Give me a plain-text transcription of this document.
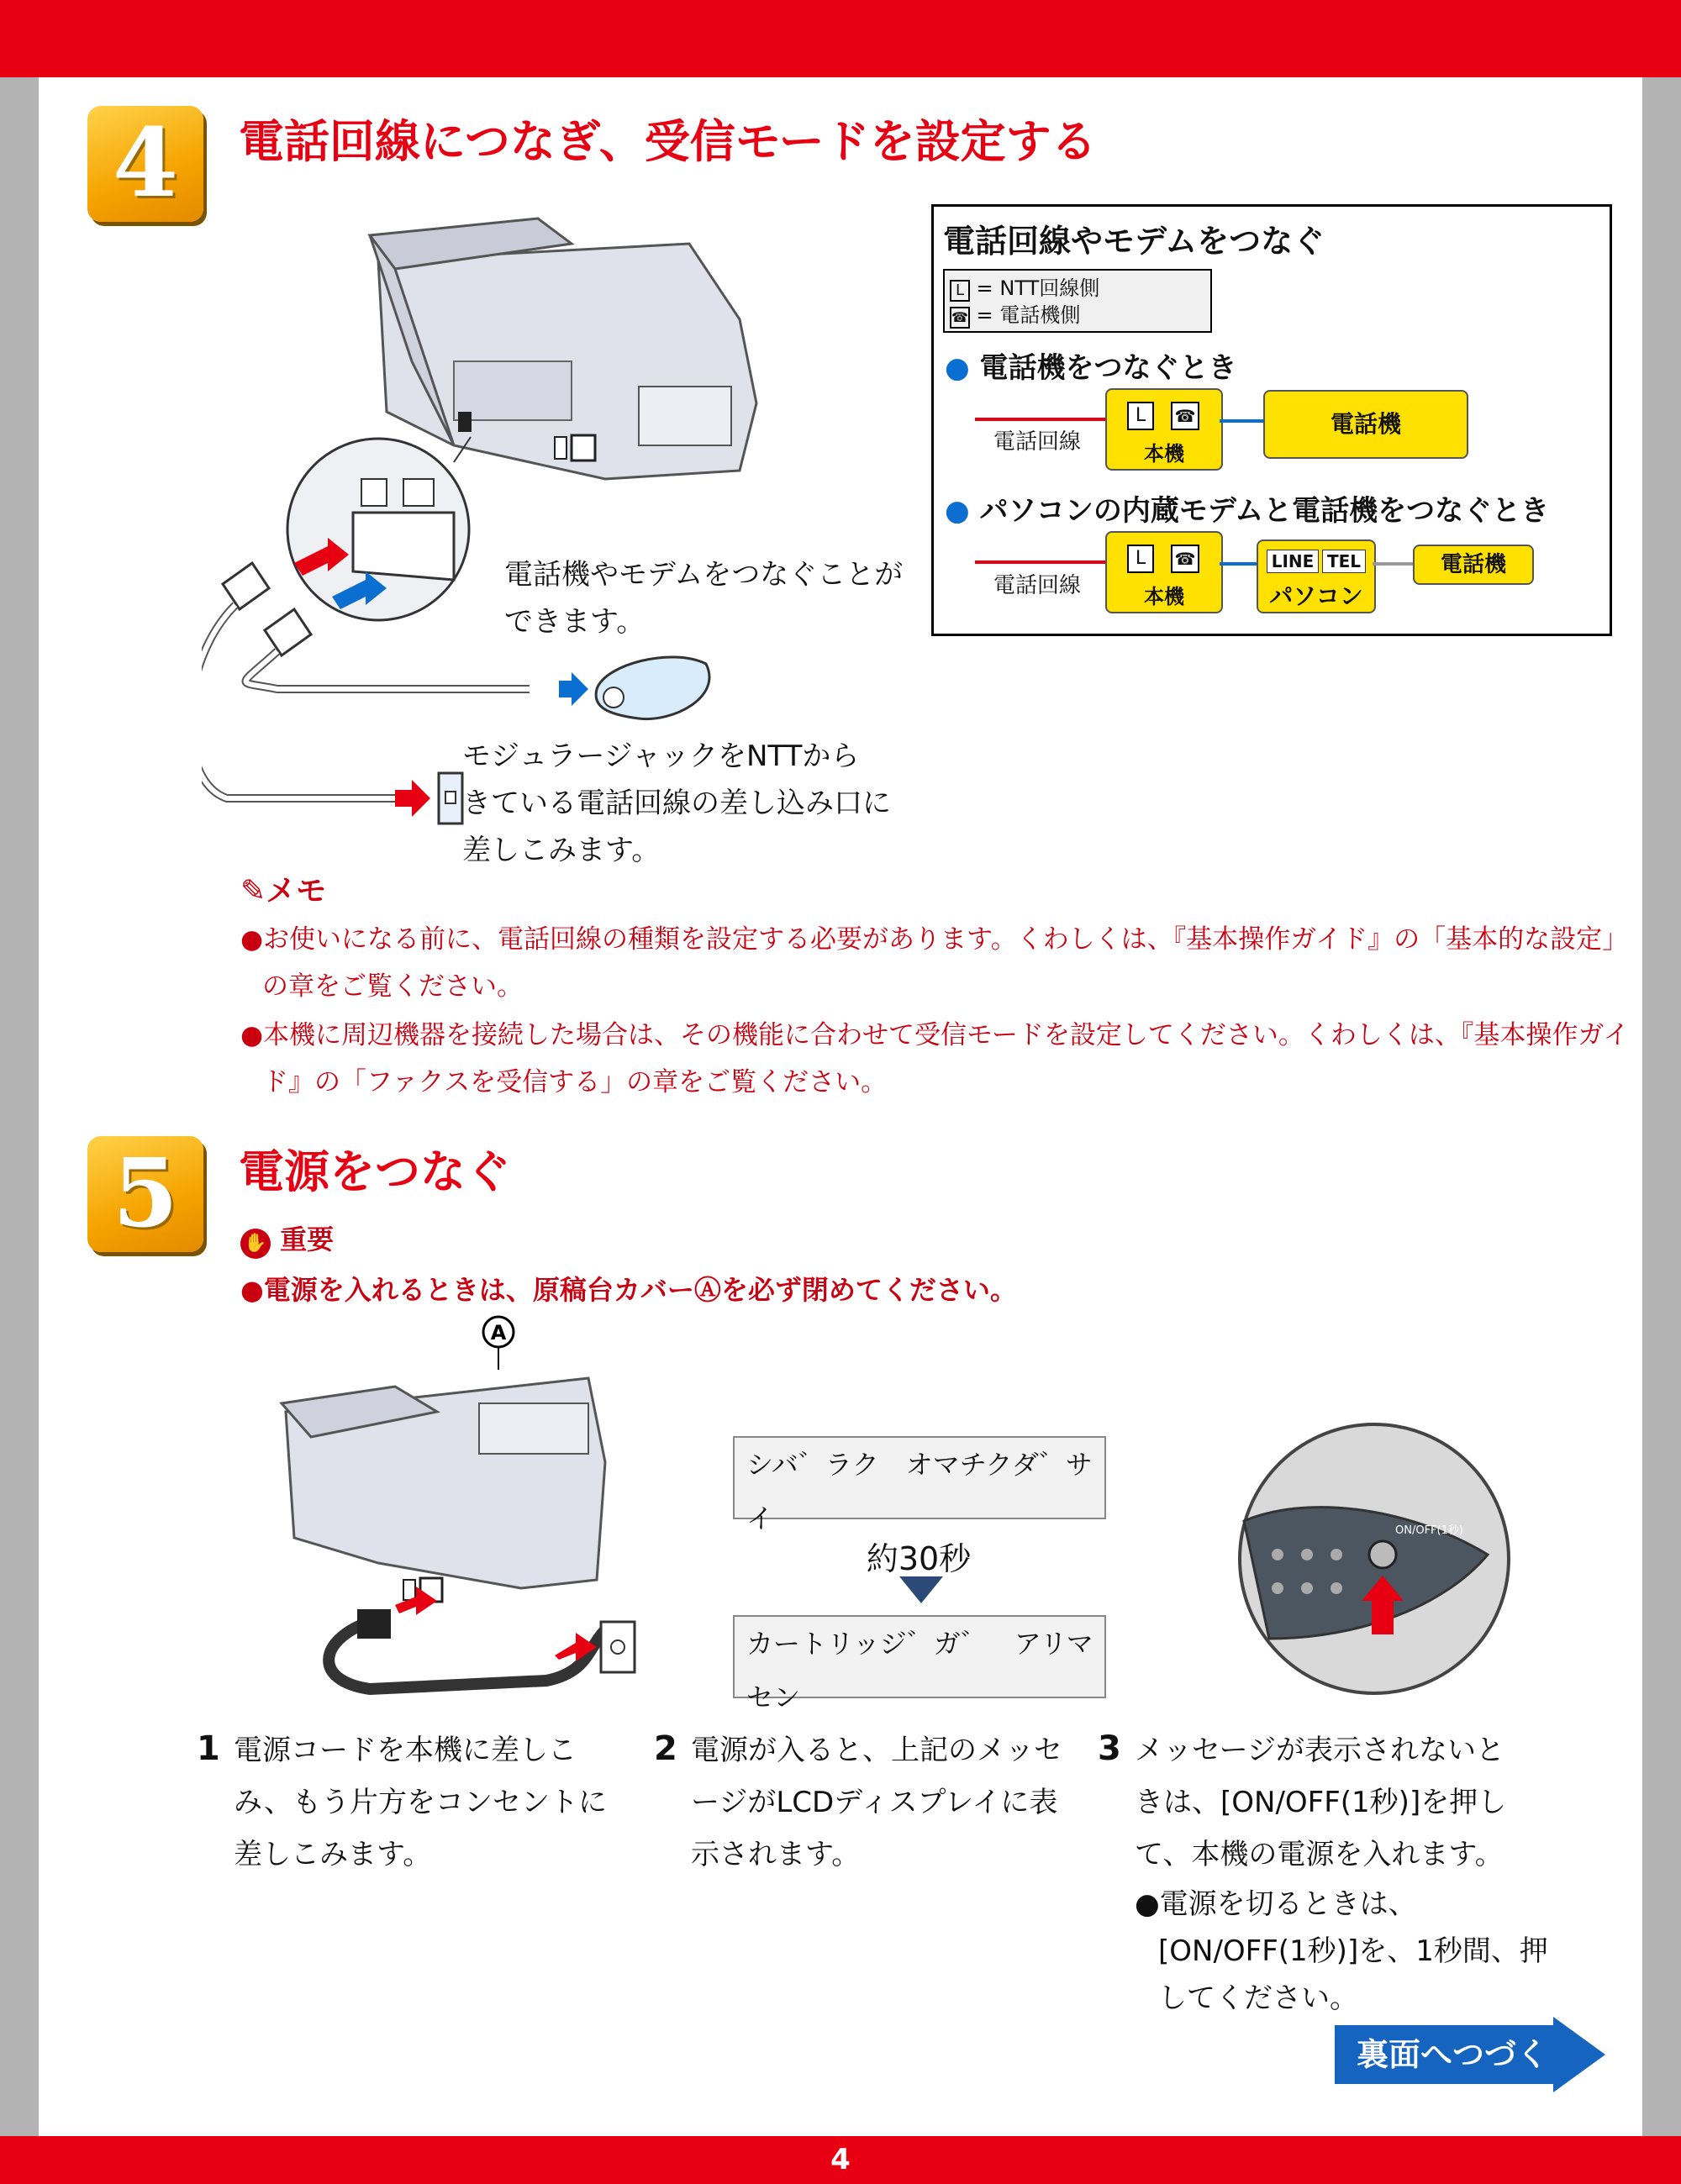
4	電話回線につなぎ、受信モードを設定する
電話機やモデムをつなぐことが
できます。
モジュラージャックをNTTから
きている電話回線の差し込み口に
差しこみます。
電話回線やモデムをつなぐ
L = NTT回線側
☎ = 電話機側
● 電話機をつなぐとき
電話回線
L	☎
本機
電話機
● パソコンの内蔵モデムと電話機をつなぐとき
電話回線
L	☎
本機
LINE TEL
パソコン
電話機
✎メモ
●お使いになる前に、電話回線の種類を設定する必要があります。くわしくは、『基本操作ガイド』の「基本的な設定」の章をご覧ください。
●本機に周辺機器を接続した場合は、その機能に合わせて受信モードを設定してください。くわしくは、『基本操作ガイド』の「ファクスを受信する」の章をご覧ください。
5	電源をつなぐ
✋ 重要
●電源を入れるときは、原稿台カバーⒶを必ず閉めてください。
A
シバ゛ラク　オマチクダ゛サイ
約30秒
カートリッジ゛ガ゛　アリマセン
ON/OFF(1秒)
1 電源コードを本機に差しこみ、もう片方をコンセントに差しこみます。
2 電源が入ると、上記のメッセージがLCDディスプレイに表示されます。
3 メッセージが表示されないときは、[ON/OFF(1秒)]を押して、本機の電源を入れます。
●電源を切るときは、[ON/OFF(1秒)]を、1秒間、押してください。
裏面へつづく
4
